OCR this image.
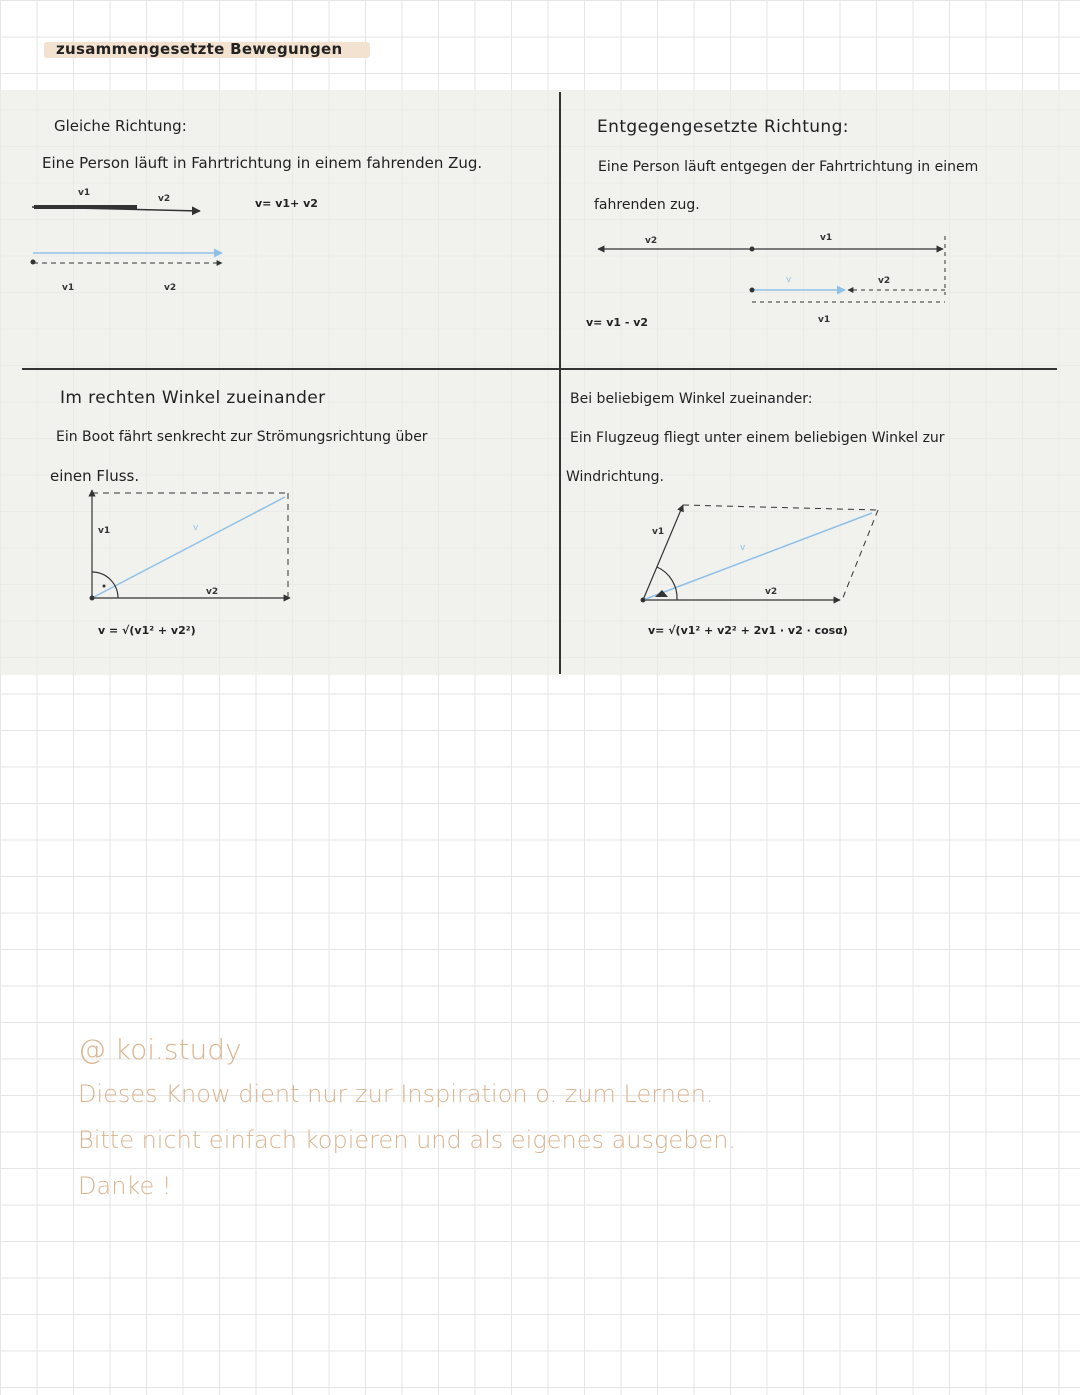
zusammengesetzte Bewegungen
Gleiche Richtung:
Eine Person läuft in Fahrtrichtung in einem fahrenden Zug.
v= v1+ v2
Entgegengesetzte Richtung:
Eine Person läuft entgegen der Fahrtrichtung in einem
fahrenden zug.
v= v1 - v2
Im rechten Winkel zueinander
Ein Boot fährt senkrecht zur Strömungsrichtung über
einen Fluss.
v = √(v1² + v2²)
Bei beliebigem Winkel zueinander:
Ein Flugzeug fliegt unter einem beliebigen Winkel zur
Windrichtung.
v= √(v1² + v2² + 2v1 · v2 · cosα)
v1
v2
v1	v2
v2	v1
v	v2
v1
v1	v
v2
v1
v
v2
@ koi.study
Dieses Know dient nur zur Inspiration o. zum Lernen.
Bitte nicht einfach kopieren und als eigenes ausgeben.
Danke !
